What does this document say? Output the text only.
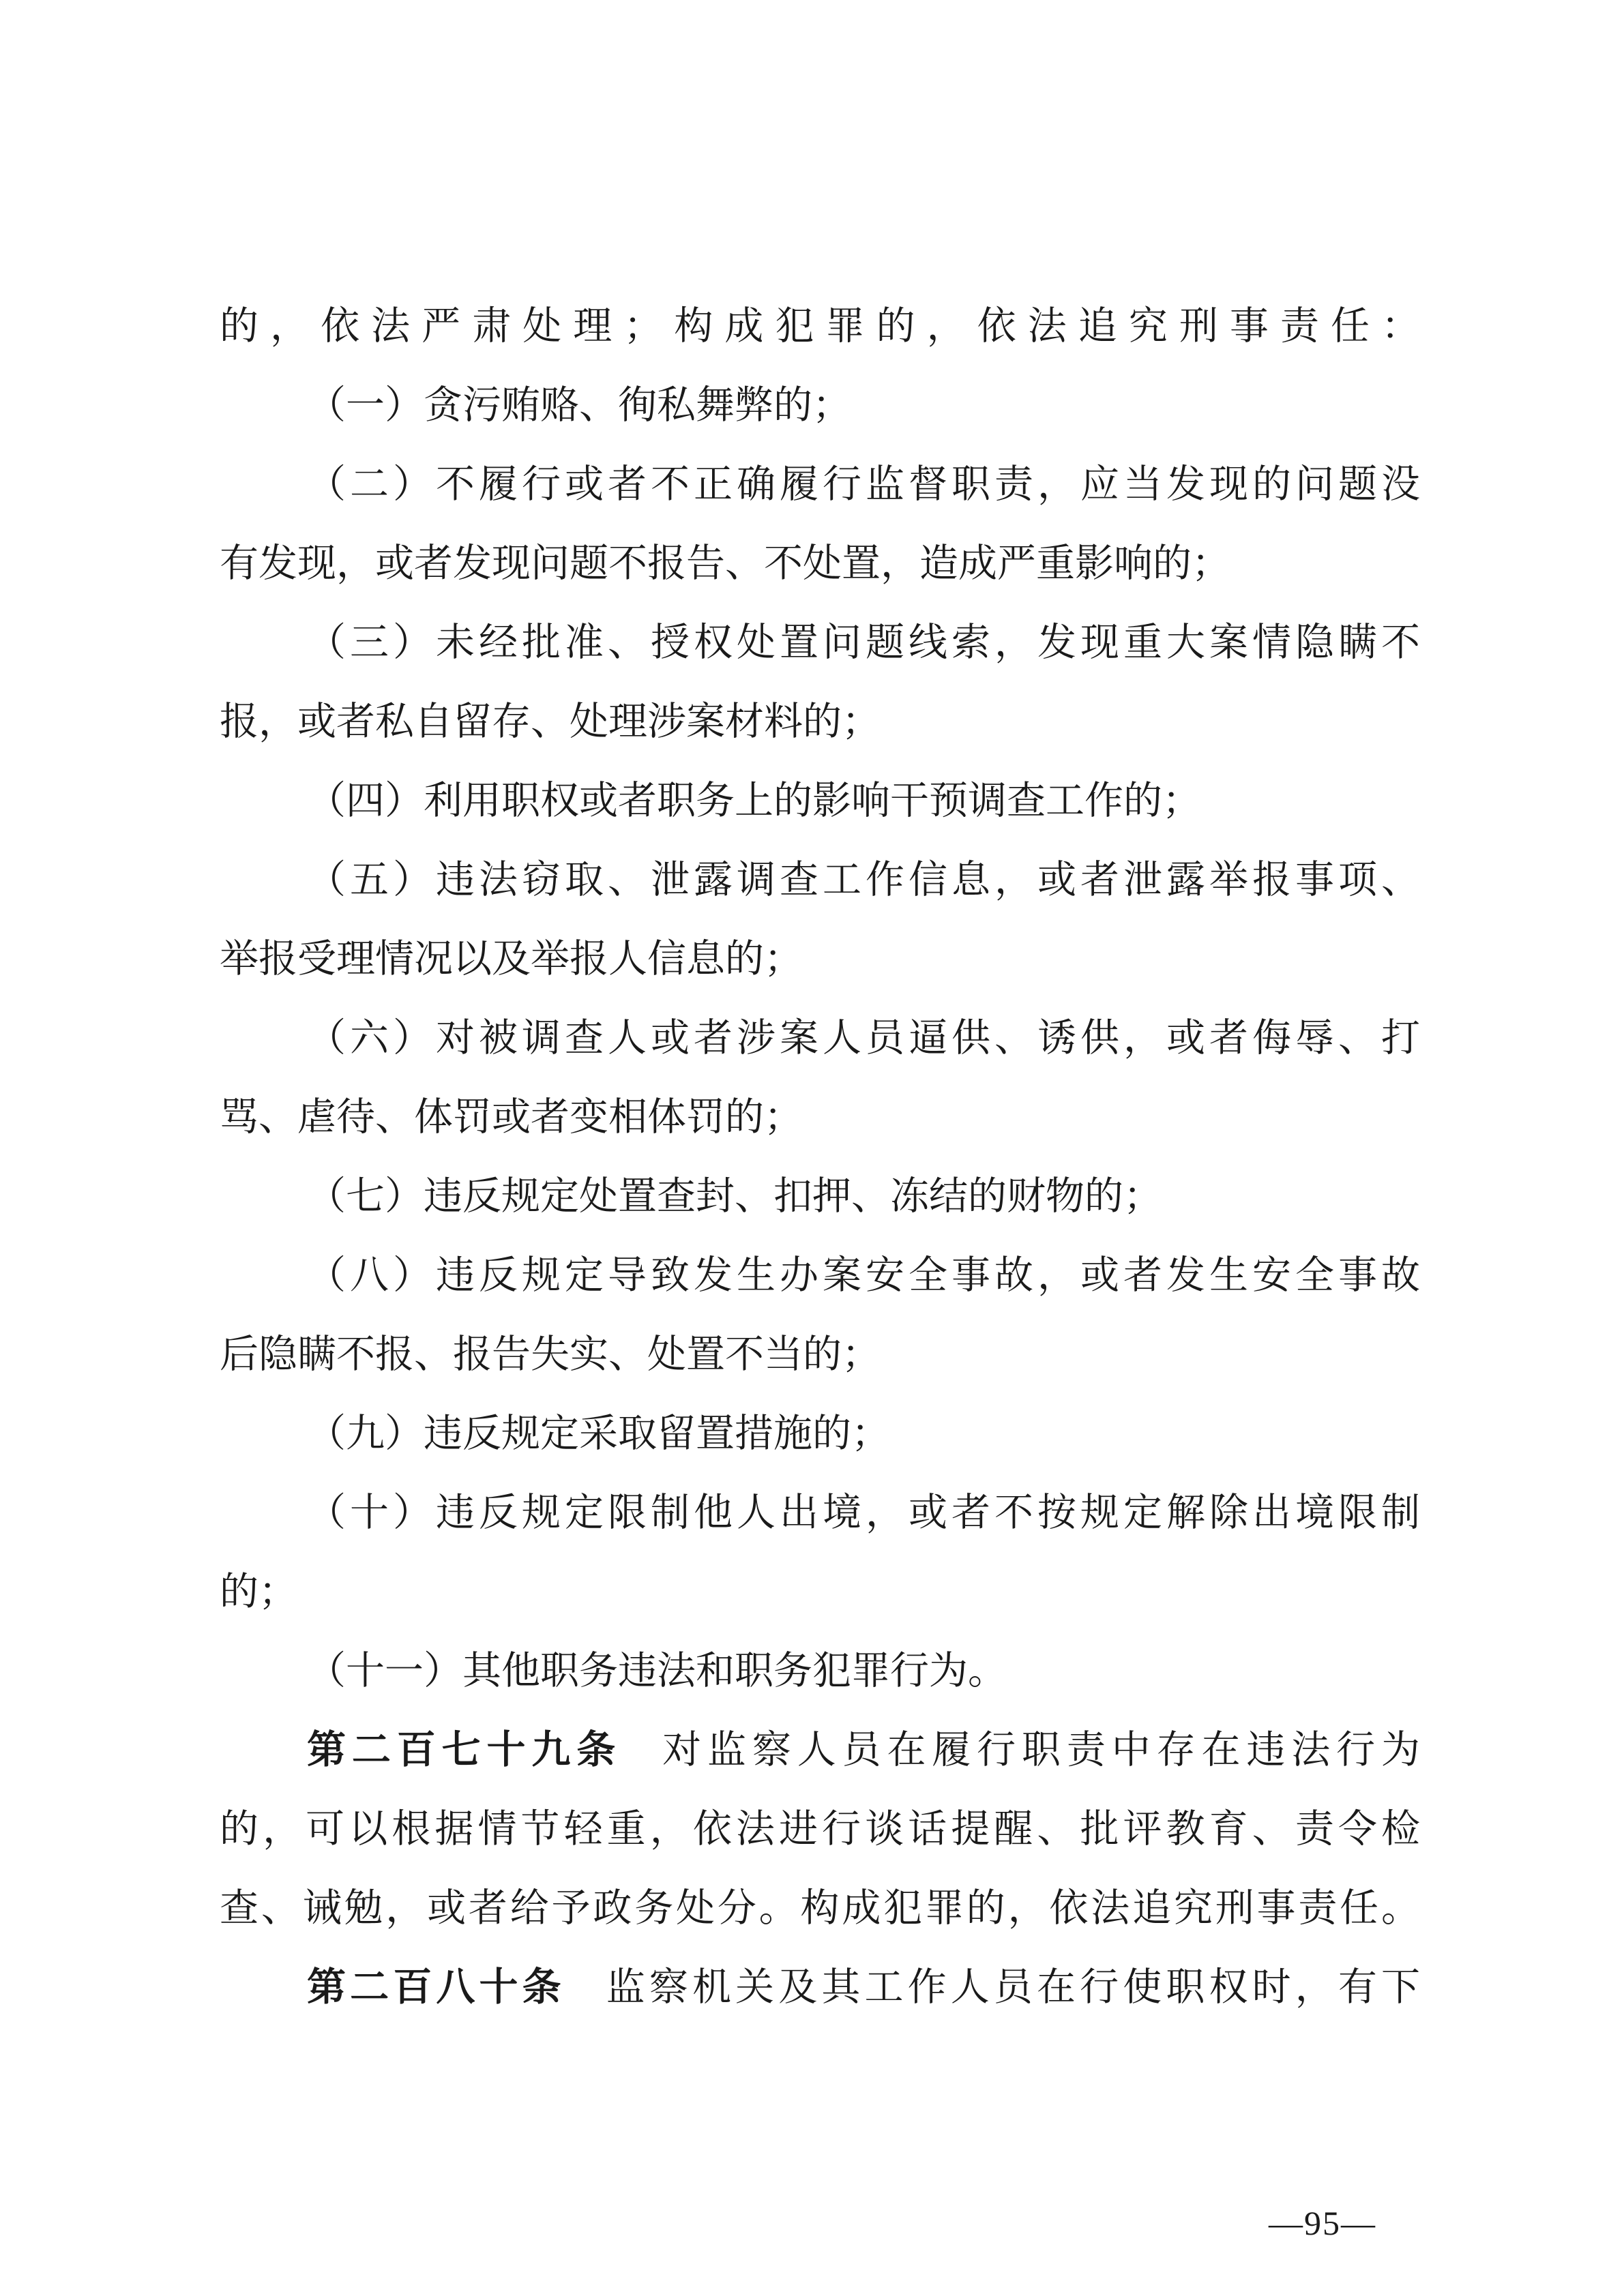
的，依法严肃处理；构成犯罪的，依法追究刑事责任：
（一）贪污贿赂、徇私舞弊的；
（二）不履行或者不正确履行监督职责，应当发现的问题没
有发现，或者发现问题不报告、不处置，造成严重影响的；
（三）未经批准、授权处置问题线索，发现重大案情隐瞒不
报，或者私自留存、处理涉案材料的；
（四）利用职权或者职务上的影响干预调查工作的；
（五）违法窃取、泄露调查工作信息，或者泄露举报事项、
举报受理情况以及举报人信息的；
（六）对被调查人或者涉案人员逼供、诱供，或者侮辱、打
骂、虐待、体罚或者变相体罚的；
（七）违反规定处置查封、扣押、冻结的财物的；
（八）违反规定导致发生办案安全事故，或者发生安全事故
后隐瞒不报、报告失实、处置不当的；
（九）违反规定采取留置措施的；
（十）违反规定限制他人出境，或者不按规定解除出境限制
的；
（十一）其他职务违法和职务犯罪行为。
第二百七十九条 对监察人员在履行职责中存在违法行为
的，可以根据情节轻重，依法进行谈话提醒、批评教育、责令检
查、诫勉，或者给予政务处分。构成犯罪的，依法追究刑事责任。
第二百八十条 监察机关及其工作人员在行使职权时，有下
—95—
